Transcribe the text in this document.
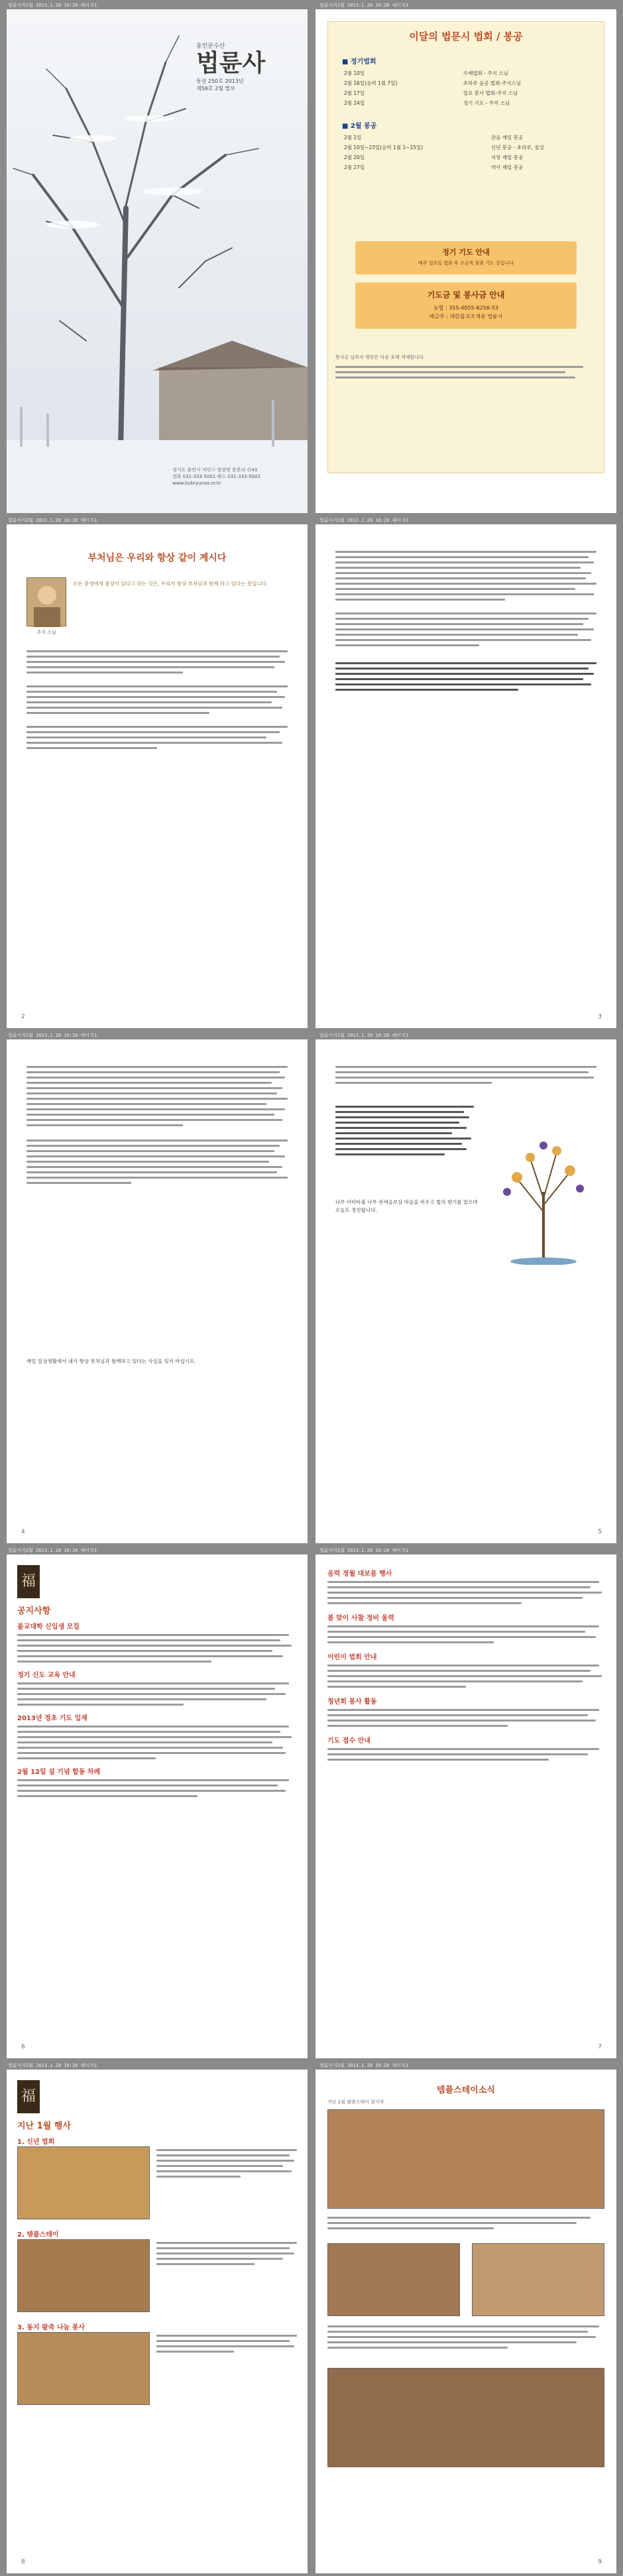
법륜사지2월 2013.1.28 10:20 페이지1	법륜사지2월 2013.1.28 10:20 페이지1
용인문수산
법륜사
통권 250호 2013년
제56호 2월 법보
경기도 용인시 처인구 원삼면 문촌리 산43
전화 031-333-5001 팩스 031-333-5002
www.bubryunsa.or.kr
이달의 법문시 법회 / 봉공
■ 정기법회
2월 10일	수제법회 - 주지 스님
2월 16일(음력 1월 7일)	초하루 음공 법회-주지스님
2월 17일	일요 봉사 법회-주지 스님
2월 24일	정기 기도 - 주지 스님
■ 2월 봉공
2월 1일	관음 재일 봉공
2월 10일~23일(음력 1월 1~15일)	신년 봉공 - 초하루, 칠성
2월 20일	지장 재일 봉공
2월 27일	약사 재일 봉공
정기 기도 안내
매주 일요일 법회 후 조금씩 참회 기도 중입니다
기도금 및 봉사금 안내
농협 : 355-4055-6256-53
예금주 : 대한불교조계종 법륜사
봉사금 납부자 명단은 다음 호에 게재합니다.
법륜사지2월 2013.1.28 10:20 페이지1	법륜사지2월 2013.1.28 10:20 페이지1
부처님은 우리와 항상 같이 계시다
주지 스님
모든 중생에게 불성이 있다고 하는 것은, 우리가 항상 부처님과 함께 하고 있다는 뜻입니다.
2	3
법륜사지2월 2013.1.28 10:20 페이지1	법륜사지2월 2013.1.28 10:20 페이지1
매일 일상생활에서 내가 항상 부처님과 함께하고 있다는 사실을 잊지 마십시오.
4
나무 아미타불 나무 관세음보살 마음을 비우고 법의 향기를 맡으며 오늘도 정진합니다.
5
법륜사지2월 2013.1.28 10:20 페이지1	법륜사지2월 2013.1.28 10:20 페이지1
福
공지사항
불교대학 신입생 모집
정기 신도 교육 안내
2013년 정초 기도 입재
2월 12일 설 기념 합동 차례
6
음력 정월 대보름 행사
봄 맞이 사찰 정비 울력
어린이 법회 안내
청년회 봉사 활동
기도 접수 안내
7
법륜사지2월 2013.1.28 10:20 페이지1	법륜사지2월 2013.1.28 10:20 페이지1
福
지난 1월 행사
1. 신년 법회
2. 템플스테이
3. 동지 팥죽 나눔 봉사
8
템플스테이소식
지난 1월 템플스테이 참가자
9
